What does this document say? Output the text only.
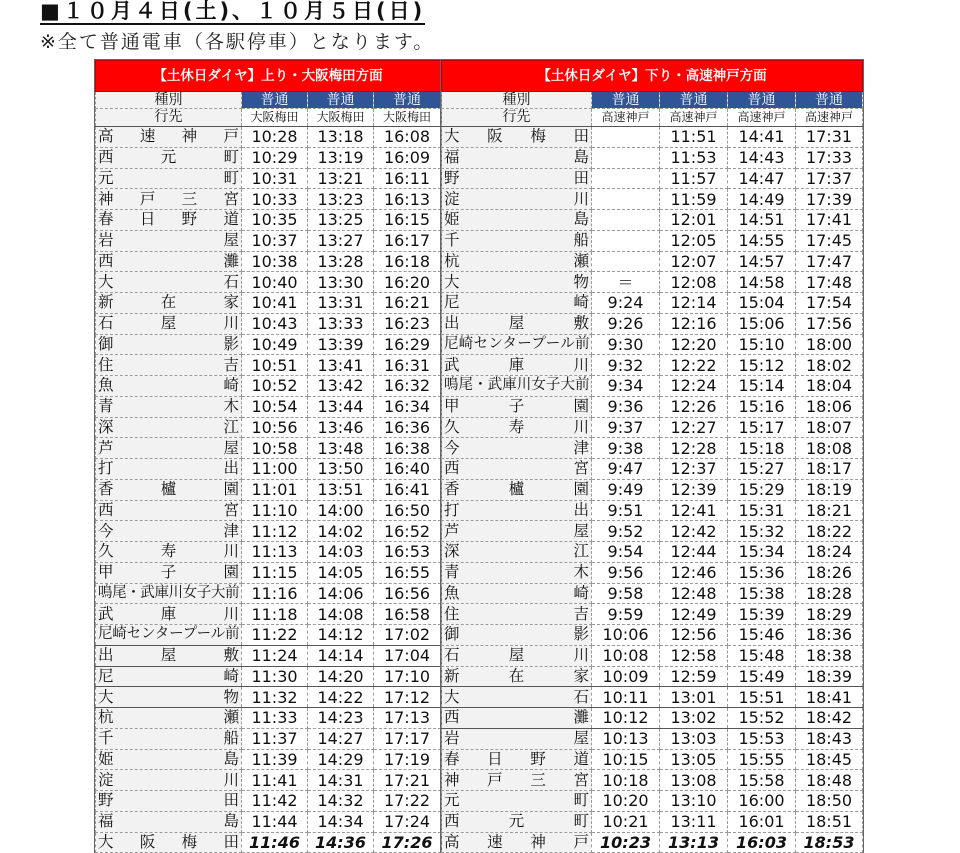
■１０月４日(土)、１０月５日(日)
※全て普通電車（各駅停車）となります。
【土休日ダイヤ】上り・大阪梅田方面			
種別	普通	普通	普通
行先	大阪梅田	大阪梅田	大阪梅田
高速神戸	10:28	13:18	16:08
西元町	10:29	13:19	16:09
元町	10:31	13:21	16:11
神戸三宮	10:33	13:23	16:13
春日野道	10:35	13:25	16:15
岩屋	10:37	13:27	16:17
西灘	10:38	13:28	16:18
大石	10:40	13:30	16:20
新在家	10:41	13:31	16:21
石屋川	10:43	13:33	16:23
御影	10:49	13:39	16:29
住吉	10:51	13:41	16:31
魚崎	10:52	13:42	16:32
青木	10:54	13:44	16:34
深江	10:56	13:46	16:36
芦屋	10:58	13:48	16:38
打出	11:00	13:50	16:40
香櫨園	11:01	13:51	16:41
西宮	11:10	14:00	16:50
今津	11:12	14:02	16:52
久寿川	11:13	14:03	16:53
甲子園	11:15	14:05	16:55
鳴尾・武庫川女子大前	11:16	14:06	16:56
武庫川	11:18	14:08	16:58
尼崎センタープール前	11:22	14:12	17:02
出屋敷	11:24	14:14	17:04
尼崎	11:30	14:20	17:10
大物	11:32	14:22	17:12
杭瀬	11:33	14:23	17:13
千船	11:37	14:27	17:17
姫島	11:39	14:29	17:19
淀川	11:41	14:31	17:21
野田	11:42	14:32	17:22
福島	11:44	14:34	17:24
大阪梅田	11:46	14:36	17:26
【土休日ダイヤ】下り・高速神戸方面				
種別	普通	普通	普通	普通
行先	高速神戸	高速神戸	高速神戸	高速神戸
大阪梅田		11:51	14:41	17:31
福島		11:53	14:43	17:33
野田		11:57	14:47	17:37
淀川		11:59	14:49	17:39
姫島		12:01	14:51	17:41
千船		12:05	14:55	17:45
杭瀬		12:07	14:57	17:47
大物	＝	12:08	14:58	17:48
尼崎	9:24	12:14	15:04	17:54
出屋敷	9:26	12:16	15:06	17:56
尼崎センタープール前	9:30	12:20	15:10	18:00
武庫川	9:32	12:22	15:12	18:02
鳴尾・武庫川女子大前	9:34	12:24	15:14	18:04
甲子園	9:36	12:26	15:16	18:06
久寿川	9:37	12:27	15:17	18:07
今津	9:38	12:28	15:18	18:08
西宮	9:47	12:37	15:27	18:17
香櫨園	9:49	12:39	15:29	18:19
打出	9:51	12:41	15:31	18:21
芦屋	9:52	12:42	15:32	18:22
深江	9:54	12:44	15:34	18:24
青木	9:56	12:46	15:36	18:26
魚崎	9:58	12:48	15:38	18:28
住吉	9:59	12:49	15:39	18:29
御影	10:06	12:56	15:46	18:36
石屋川	10:08	12:58	15:48	18:38
新在家	10:09	12:59	15:49	18:39
大石	10:11	13:01	15:51	18:41
西灘	10:12	13:02	15:52	18:42
岩屋	10:13	13:03	15:53	18:43
春日野道	10:15	13:05	15:55	18:45
神戸三宮	10:18	13:08	15:58	18:48
元町	10:20	13:10	16:00	18:50
西元町	10:21	13:11	16:01	18:51
高速神戸	10:23	13:13	16:03	18:53
